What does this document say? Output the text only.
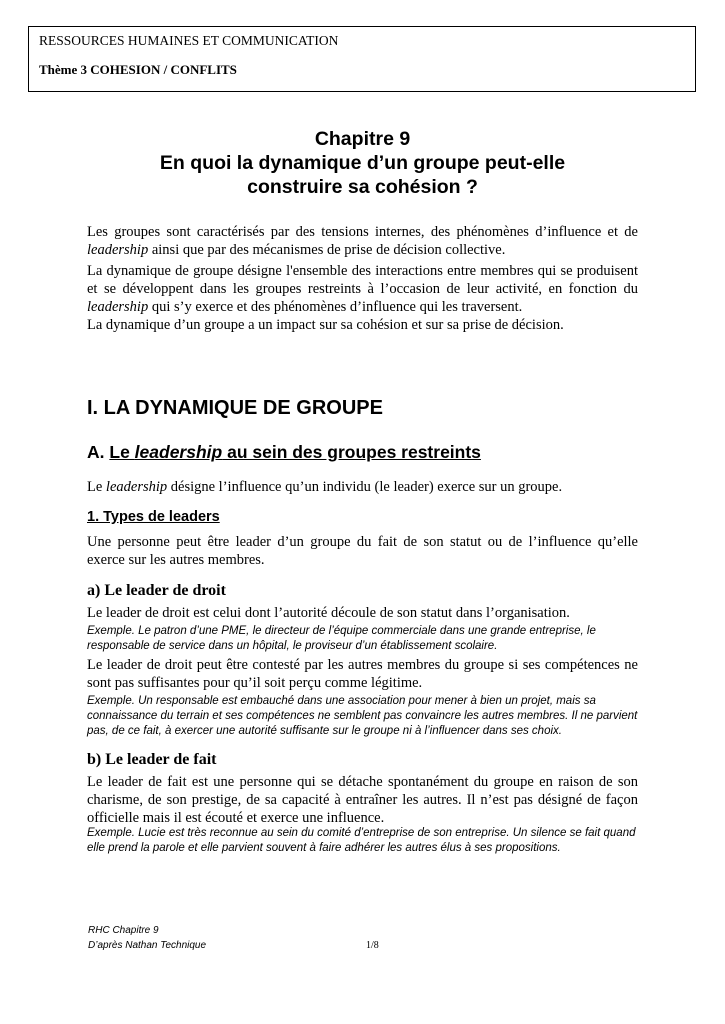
RESSOURCES HUMAINES ET COMMUNICATION
Thème 3 COHESION / CONFLITS
Chapitre 9
En quoi la dynamique d’un groupe peut-elle
construire sa cohésion ?
Les groupes sont caractérisés par des tensions internes, des phénomènes d’influence et de leadership ainsi que par des mécanismes de prise de décision collective.
La dynamique de groupe désigne l'ensemble des interactions entre membres qui se produisent et se développent dans les groupes restreints à l’occasion de leur activité, en fonction du leadership qui s’y exerce et des phénomènes d’influence qui les traversent.
La dynamique d’un groupe a un impact sur sa cohésion et sur sa prise de décision.
I. LA DYNAMIQUE DE GROUPE
A. Le leadership au sein des groupes restreints
Le leadership désigne l’influence qu’un individu (le leader) exerce sur un groupe.
1. Types de leaders
Une personne peut être leader d’un groupe du fait de son statut ou de l’influence qu’elle exerce sur les autres membres.
a) Le leader de droit
Le leader de droit est celui dont l’autorité découle de son statut dans l’organisation.
Exemple. Le patron d’une PME, le directeur de l’équipe commerciale dans une grande entreprise, le responsable de service dans un hôpital, le proviseur d’un établissement scolaire.
Le leader de droit peut être contesté par les autres membres du groupe si ses compétences ne sont pas suffisantes pour qu’il soit perçu comme légitime.
Exemple. Un responsable est embauché dans une association pour mener à bien un projet, mais sa connaissance du terrain et ses compétences ne semblent pas convaincre les autres membres. Il ne parvient pas, de ce fait, à exercer une autorité suffisante sur le groupe ni à l’influencer dans ses choix.
b) Le leader de fait
Le leader de fait est une personne qui se détache spontanément du groupe en raison de son charisme, de son prestige, de sa capacité à entraîner les autres. Il n’est pas désigné de façon officielle mais il est écouté et exerce une influence.
Exemple. Lucie est très reconnue au sein du comité d’entreprise de son entreprise. Un silence se fait quand elle prend la parole et elle parvient souvent à faire adhérer les autres élus à ses propositions.
RHC Chapitre 9
D’après Nathan Technique	1/8
